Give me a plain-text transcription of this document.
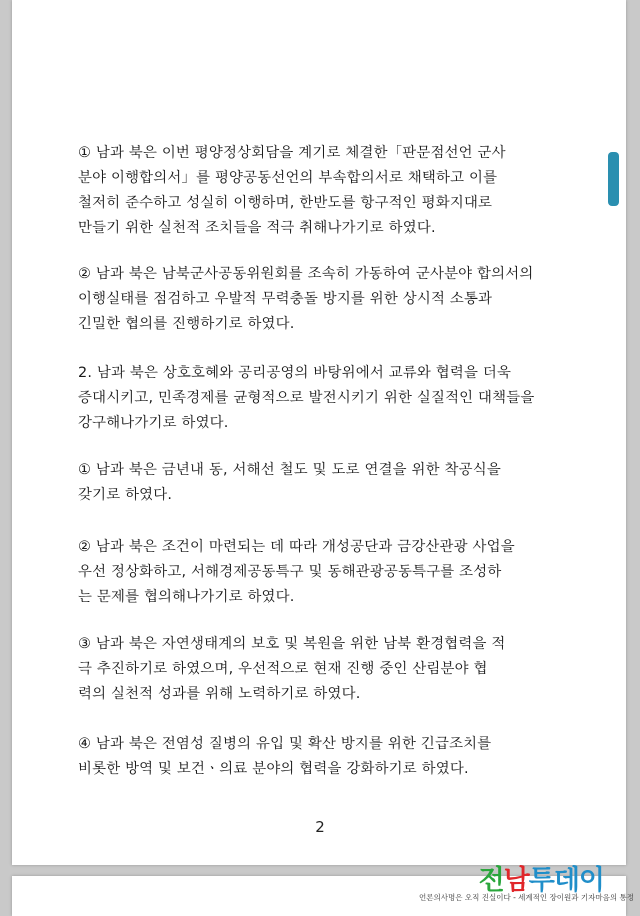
① 남과 북은 이번 평양정상회담을 계기로 체결한「판문점선언 군사
분야 이행합의서」를 평양공동선언의 부속합의서로 채택하고 이를
철저히 준수하고 성실히 이행하며, 한반도를 항구적인 평화지대로
만들기 위한 실천적 조치들을 적극 취해나가기로 하였다.
② 남과 북은 남북군사공동위원회를 조속히 가동하여 군사분야 합의서의
이행실태를 점검하고 우발적 무력충돌 방지를 위한 상시적 소통과
긴밀한 협의를 진행하기로 하였다.
2. 남과 북은 상호호혜와 공리공영의 바탕위에서 교류와 협력을 더욱
증대시키고, 민족경제를 균형적으로 발전시키기 위한 실질적인 대책들을
강구해나가기로 하였다.
① 남과 북은 금년내 동, 서해선 철도 및 도로 연결을 위한 착공식을
갖기로 하였다.
② 남과 북은 조건이 마련되는 데 따라 개성공단과 금강산관광 사업을
우선 정상화하고, 서해경제공동특구 및 동해관광공동특구를 조성하
는 문제를 협의해나가기로 하였다.
③ 남과 북은 자연생태계의 보호 및 복원을 위한 남북 환경협력을 적
극 추진하기로 하였으며, 우선적으로 현재 진행 중인 산림분야 협
력의 실천적 성과를 위해 노력하기로 하였다.
④ 남과 북은 전염성 질병의 유입 및 확산 방지를 위한 긴급조치를
비롯한 방역 및 보건ㆍ의료 분야의 협력을 강화하기로 하였다.
2
전남투데이
언론의사명은 오직 진실이다 - 세계적인 장이원과 기자마음의 통정
